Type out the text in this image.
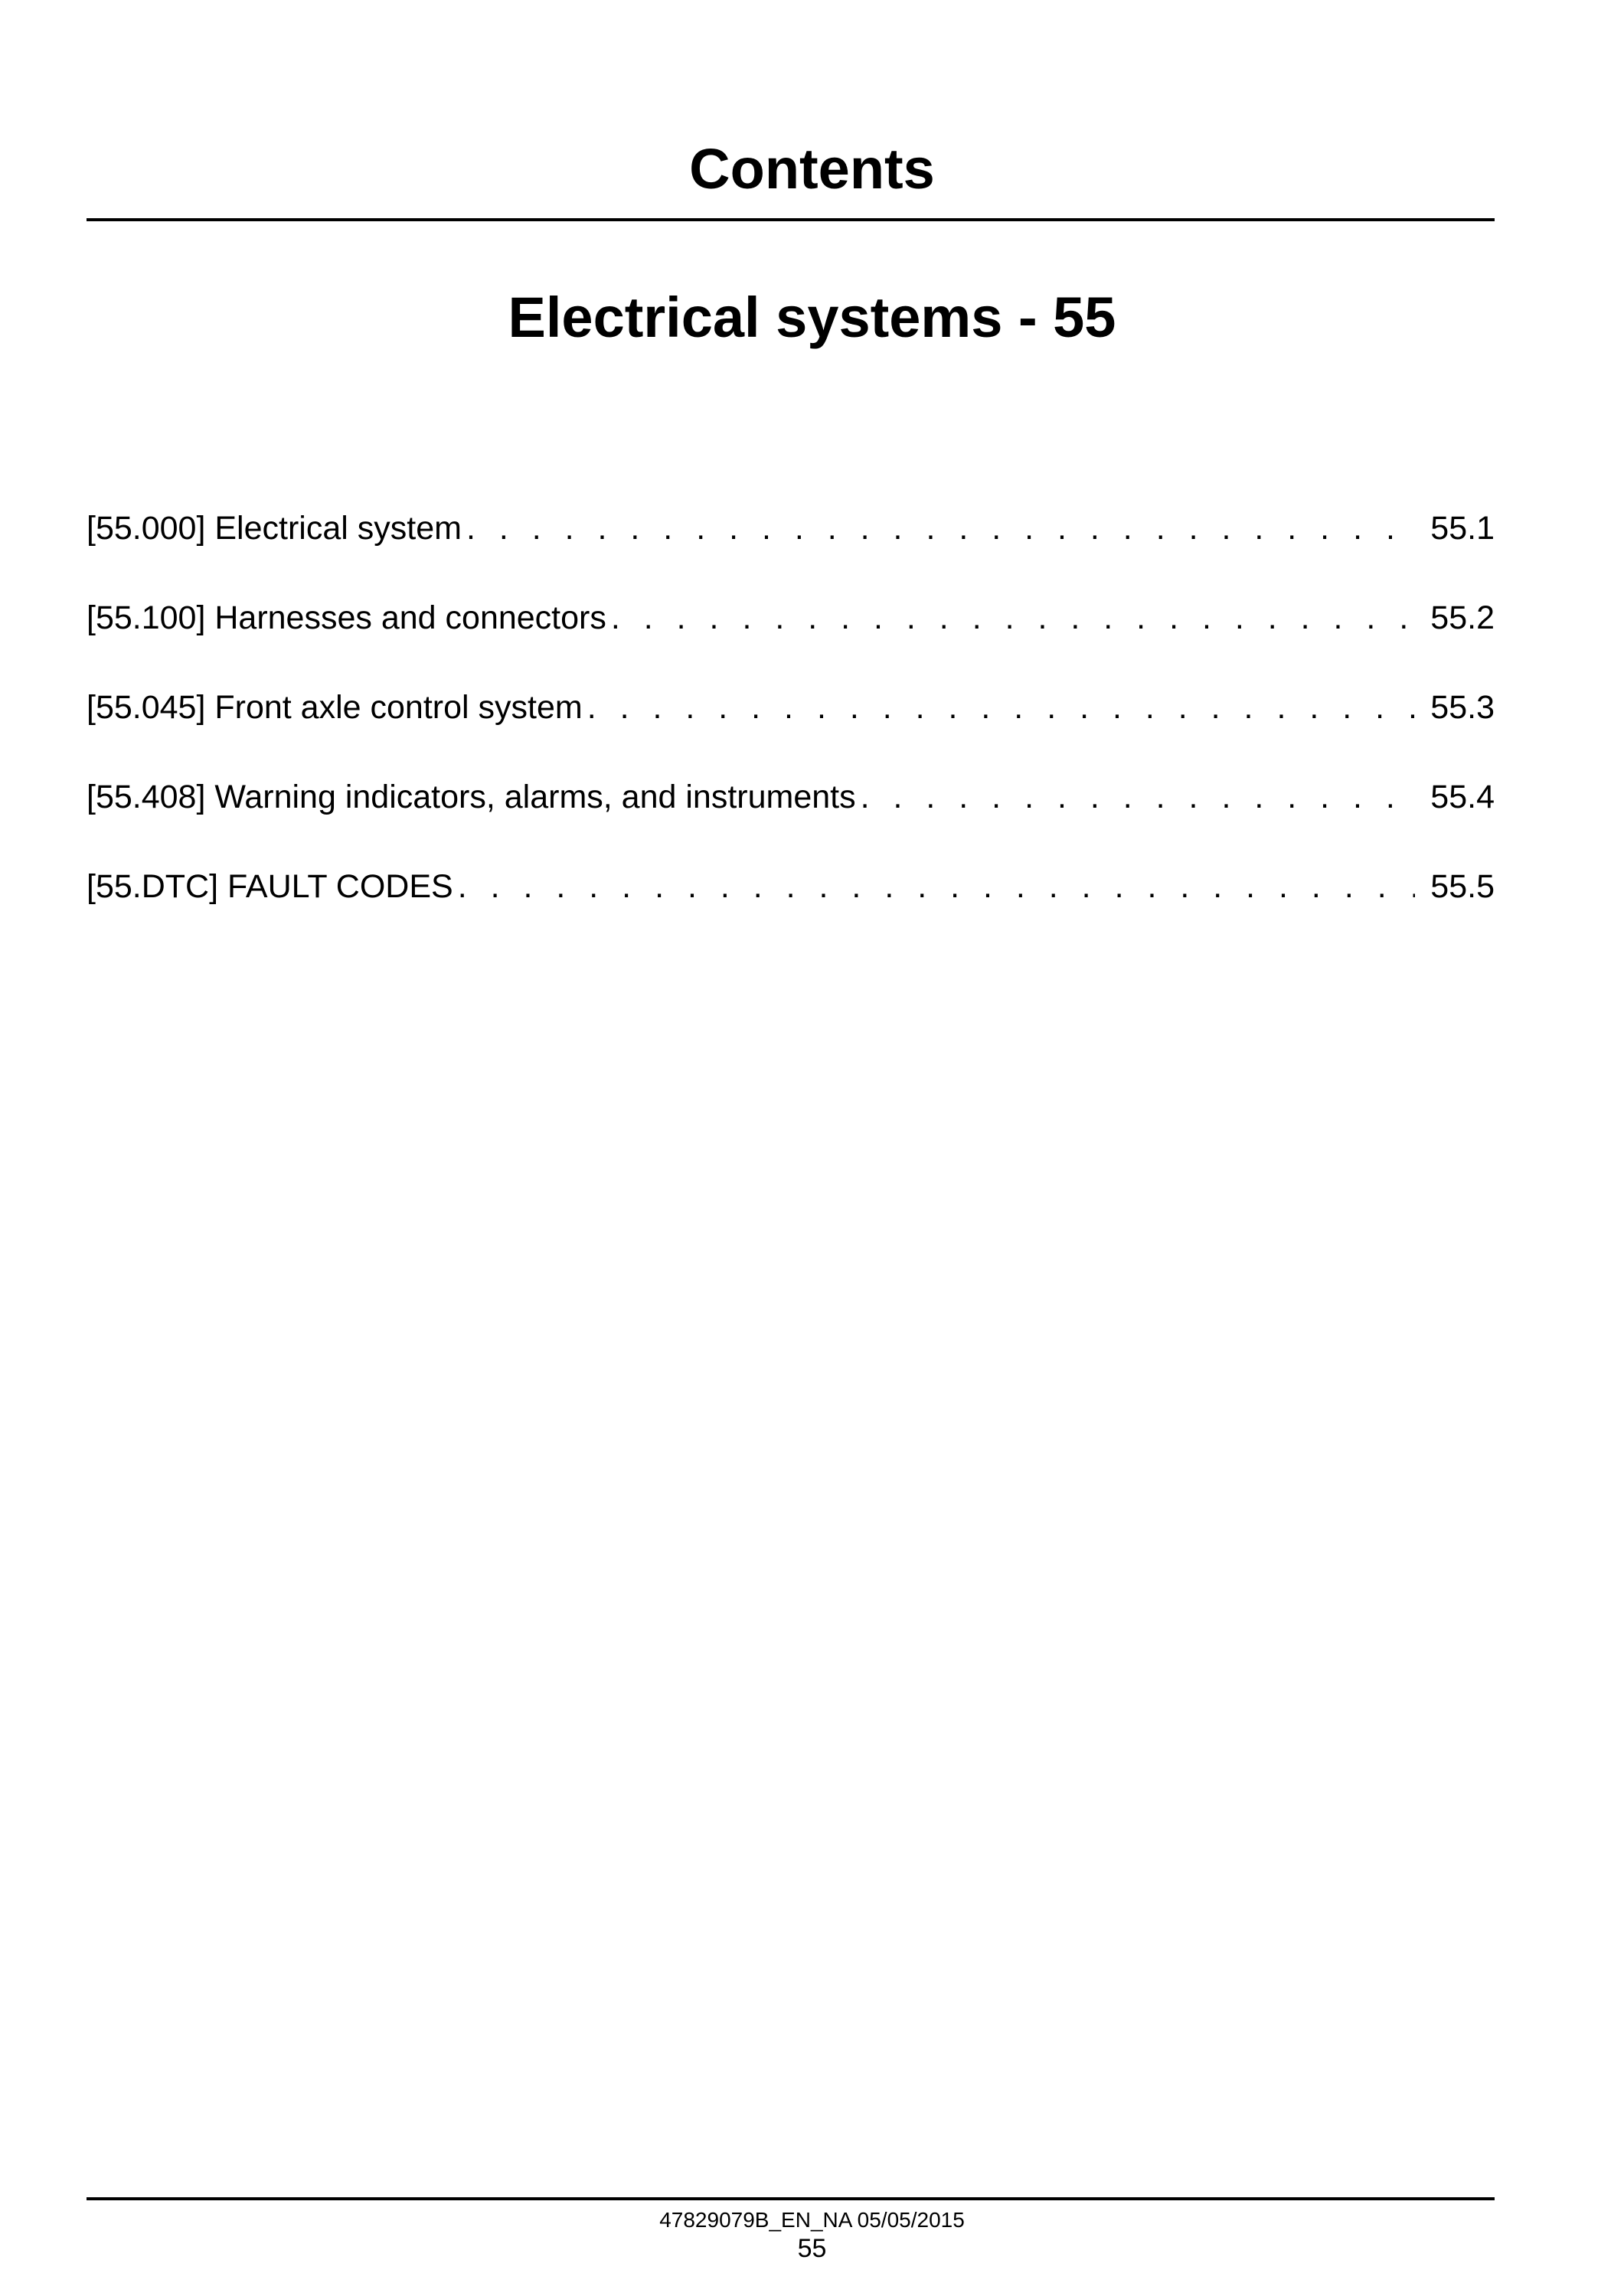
Contents
Electrical systems - 55
[55.000] Electrical system . . .	55.1
[55.100] Harnesses and connectors . . .	55.2
[55.045] Front axle control system . . .	55.3
[55.408] Warning indicators, alarms, and instruments . . .	55.4
[55.DTC] FAULT CODES . . .	55.5
47829079B_EN_NA 05/05/2015
55
